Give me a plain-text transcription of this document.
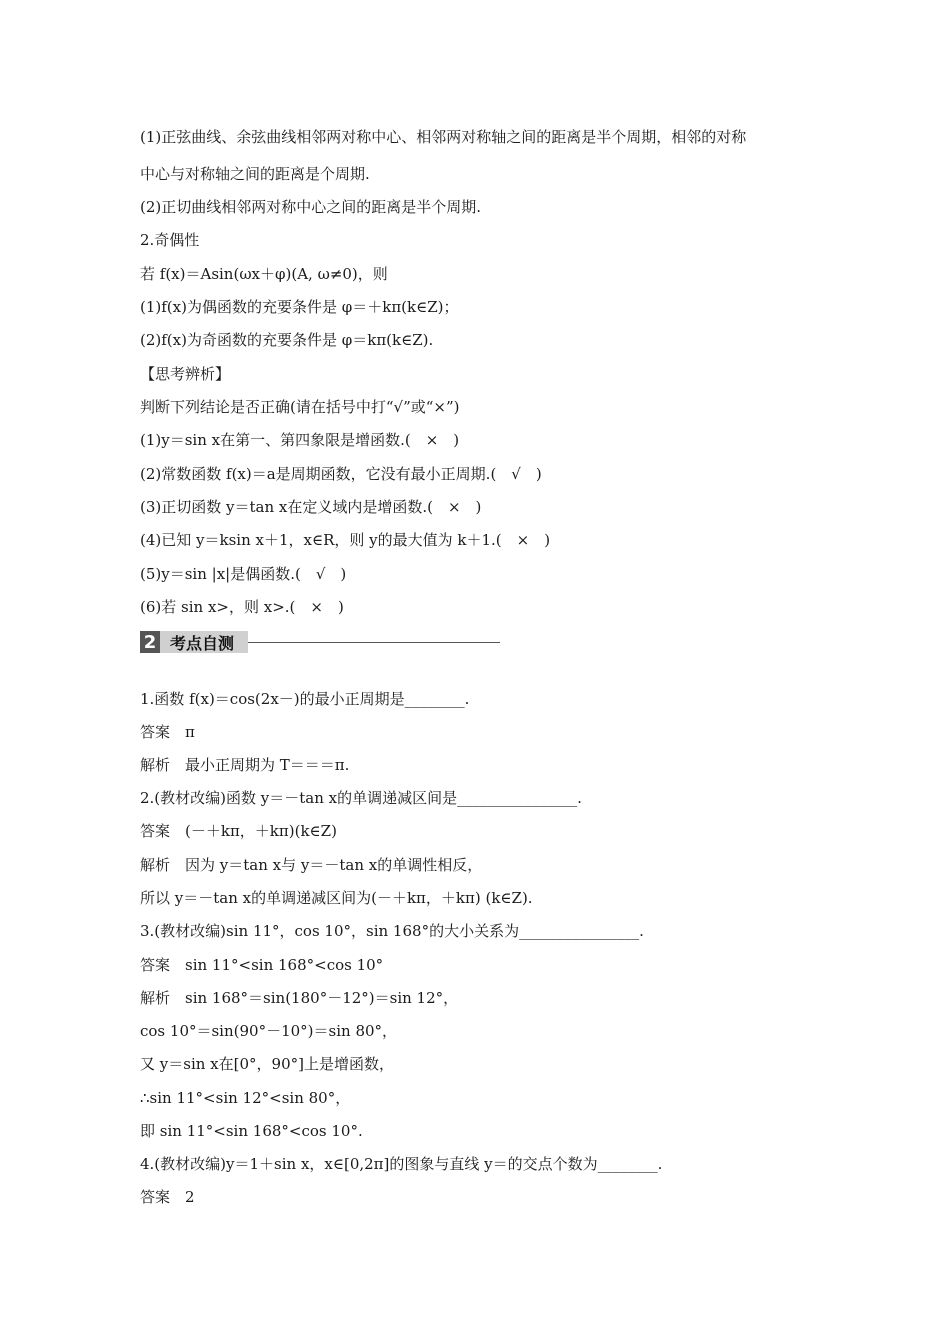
(1)正弦曲线、余弦曲线相邻两对称中心、相邻两对称轴之间的距离是半个周期，相邻的对称
中心与对称轴之间的距离是个周期.
(2)正切曲线相邻两对称中心之间的距离是半个周期.
2.奇偶性
若 f(x)＝Asin(ωx＋φ)(A, ω≠0)，则
(1)f(x)为偶函数的充要条件是 φ＝＋kπ(k∈Z)；
(2)f(x)为奇函数的充要条件是 φ＝kπ(k∈Z).
【思考辨析】
判断下列结论是否正确(请在括号中打“√”或“×”)
(1)y＝sin x在第一、第四象限是增函数.(　×　)
(2)常数函数 f(x)＝a是周期函数，它没有最小正周期.(　√　)
(3)正切函数 y＝tan x在定义域内是增函数.(　×　)
(4)已知 y＝ksin x＋1，x∈R，则 y的最大值为 k＋1.(　×　)
(5)y＝sin |x|是偶函数.(　√　)
(6)若 sin x>，则 x>.(　×　)
2 考点自测
1.函数 f(x)＝cos(2x－)的最小正周期是________.
答案　π
解析　最小正周期为 T＝＝＝π.
2.(教材改编)函数 y＝－tan x的单调递减区间是________________.
答案　(－＋kπ，＋kπ)(k∈Z)
解析　因为 y＝tan x与 y＝－tan x的单调性相反，
所以 y＝－tan x的单调递减区间为(－＋kπ，＋kπ) (k∈Z).
3.(教材改编)sin 11°，cos 10°，sin 168°的大小关系为________________.
答案　sin 11°<sin 168°<cos 10°
解析　sin 168°＝sin(180°－12°)＝sin 12°，
cos 10°＝sin(90°－10°)＝sin 80°，
又 y＝sin x在[0°，90°]上是增函数，
∴sin 11°<sin 12°<sin 80°，
即 sin 11°<sin 168°<cos 10°.
4.(教材改编)y＝1＋sin x，x∈[0,2π]的图象与直线 y＝的交点个数为________.
答案　2
